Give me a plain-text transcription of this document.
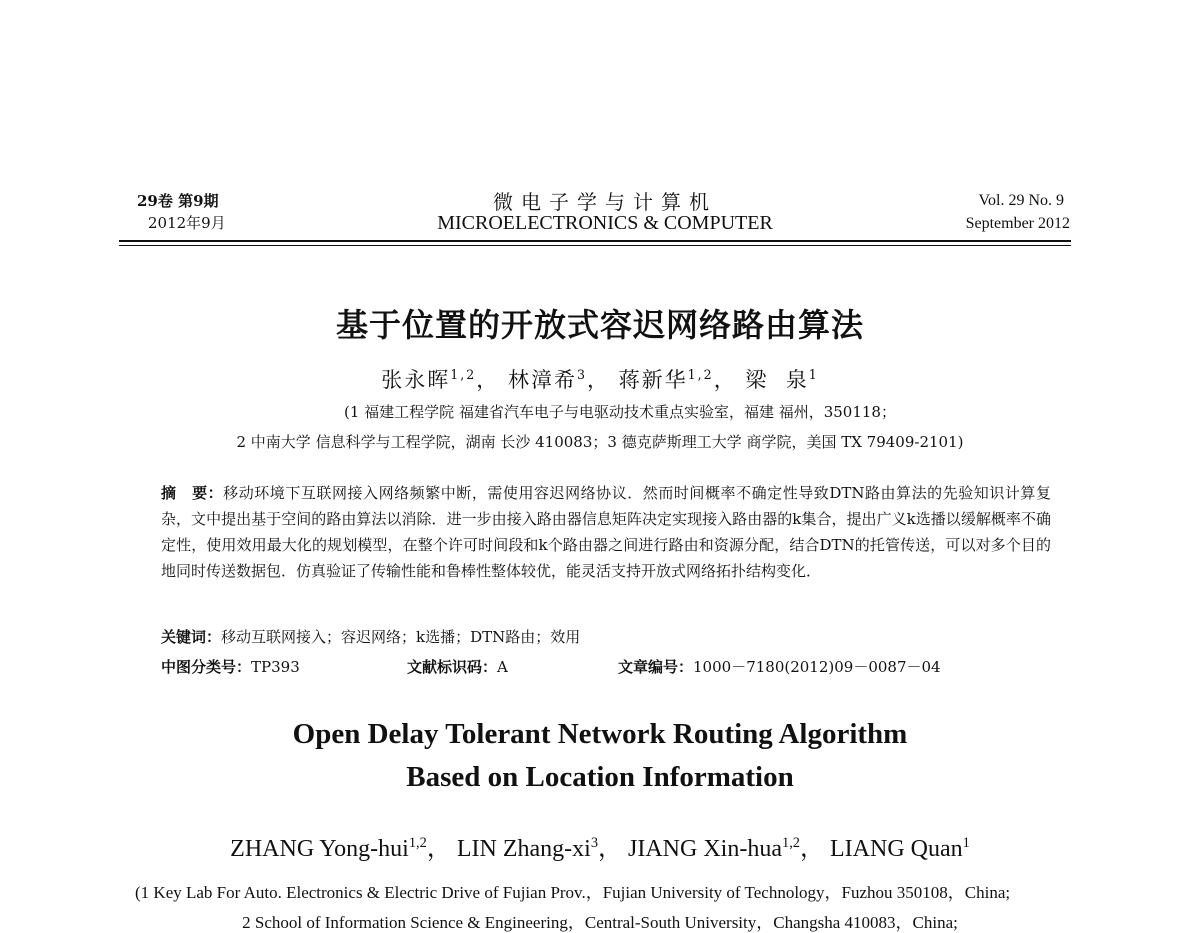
29卷 第9期
2012年9月
微电子学与计算机
MICROELECTRONICS & COMPUTER
Vol. 29 No. 9
September 2012
基于位置的开放式容迟网络路由算法
张永晖$^{1,2}$， 林漳希$^3$， 蒋新华$^{1,2}$， 梁  泉$^1$
(1 福建工程学院 福建省汽车电子与电驱动技术重点实验室，福建 福州，350118；
2 中南大学 信息科学与工程学院，湖南 长沙 410083；3 德克萨斯理工大学 商学院，美国 TX 79409-2101)
摘　要：移动环境下互联网接入网络频繁中断，需使用容迟网络协议．然而时间概率不确定性导致DTN路由算法的先验知识计算复杂，文中提出基于空间的路由算法以消除．进一步由接入路由器信息矩阵决定实现接入路由器的k集合，提出广义k选播以缓解概率不确定性，使用效用最大化的规划模型，在整个许可时间段和k个路由器之间进行路由和资源分配，结合DTN的托管传送，可以对多个目的地同时传送数据包．仿真验证了传输性能和鲁棒性整体较优，能灵活支持开放式网络拓扑结构变化．
关键词：移动互联网接入；容迟网络；k选播；DTN路由；效用
中图分类号：TP393	文献标识码：A	文章编号：1000－7180(2012)09－0087－04
Open Delay Tolerant Network Routing Algorithm
Based on Location Information
ZHANG Yong-hui$^{1,2}$， LIN Zhang-$xi^3$， JIANG Xin-hua$^{1,2}$， LIANG Quan$^1$
(1 Key Lab For Auto. Electronics & Electric Drive of Fujian Prov.，Fujian University of Technology，Fuzhou 350108，China;
2 School of Information Science & Engineering，Central-South University，Changsha 410083，China;
